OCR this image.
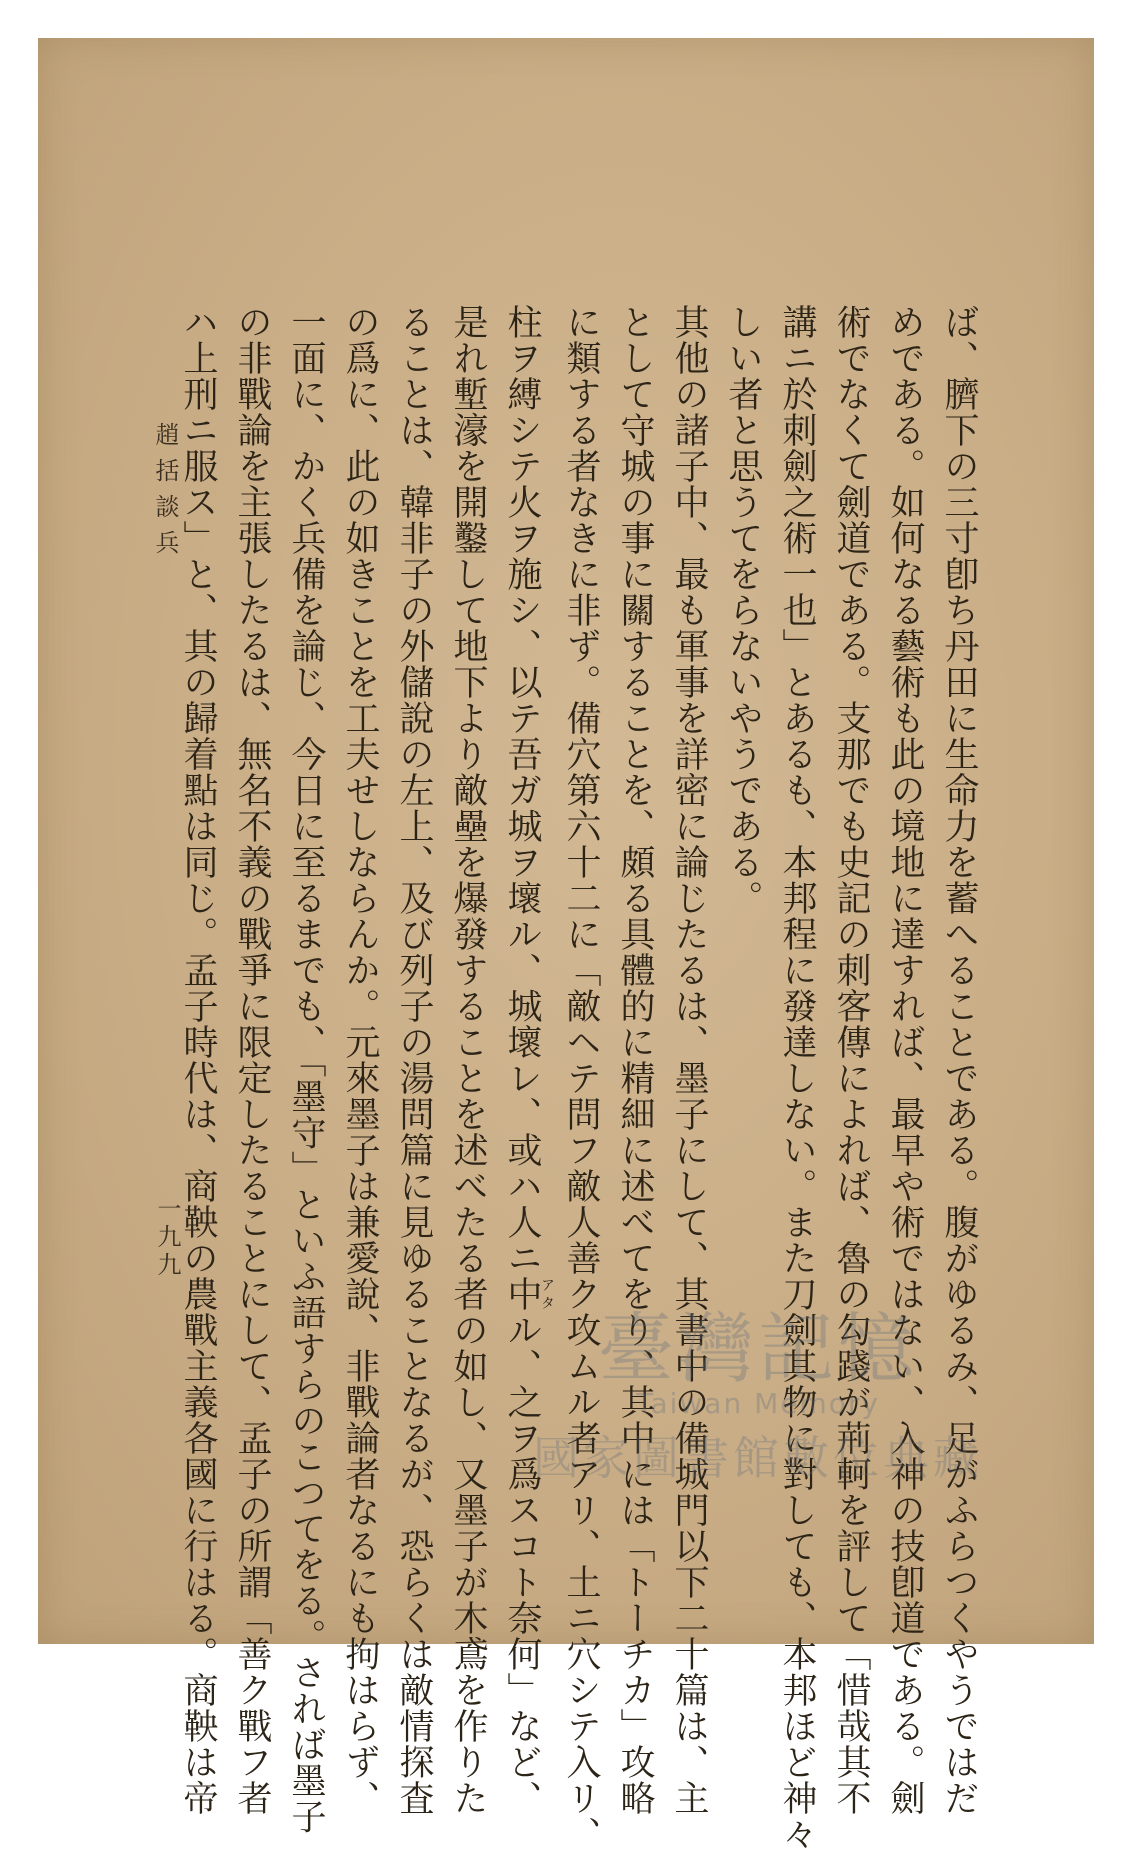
ば、臍下の三寸卽ち丹田に生命力を蓄へることである。腹がゆるみ、足がふらつくやうではだ
めである。如何なる藝術も此の境地に達すれば、最早や術ではない、入神の技卽道である。劍
術でなくて劍道である。支那でも史記の刺客傳によれば、魯の勾踐が荊軻を評して「惜哉其不
講ニ於刺劍之術一也」とあるも、本邦程に發達しない。また刀劍其物に對しても、本邦ほど神々
しい者と思うてをらないやうである。
其他の諸子中、最も軍事を詳密に論じたるは、墨子にして、其書中の備城門以下二十篇は、主
として守城の事に關することを、頗る具體的に精細に述べてをり、其中には「トーチカ」攻略
に類する者なきに非ず。備穴第六十二に「敵ヘテ問フ敵人善ク攻ムル者アリ、土ニ穴シテ入リ、
柱ヲ縛シテ火ヲ施シ、以テ吾ガ城ヲ壞ル、城壞レ、或ハ人ニ中アタル、之ヲ爲スコト奈何」など、
是れ塹濠を開鑿して地下より敵壘を爆發することを述べたる者の如し、又墨子が木鳶を作りた
ることは、韓非子の外儲說の左上、及び列子の湯問篇に見ゆることなるが、恐らくは敵情探査
の爲に、此の如きことを工夫せしならんか。元來墨子は兼愛說、非戰論者なるにも拘はらず、
一面に、かく兵備を論じ、今日に至るまでも、「墨守」といふ語すらのこつてをる。されば墨子
の非戰論を主張したるは、無名不義の戰爭に限定したることにして、孟子の所謂「善ク戰フ者
ハ上刑ニ服ス」と、其の歸着點は同じ。孟子時代は、商鞅の農戰主義各國に行はる。商鞅は帝
趙括談兵
一九九
臺灣記憶
Taiwan Memory
國家圖書館數位典藏
